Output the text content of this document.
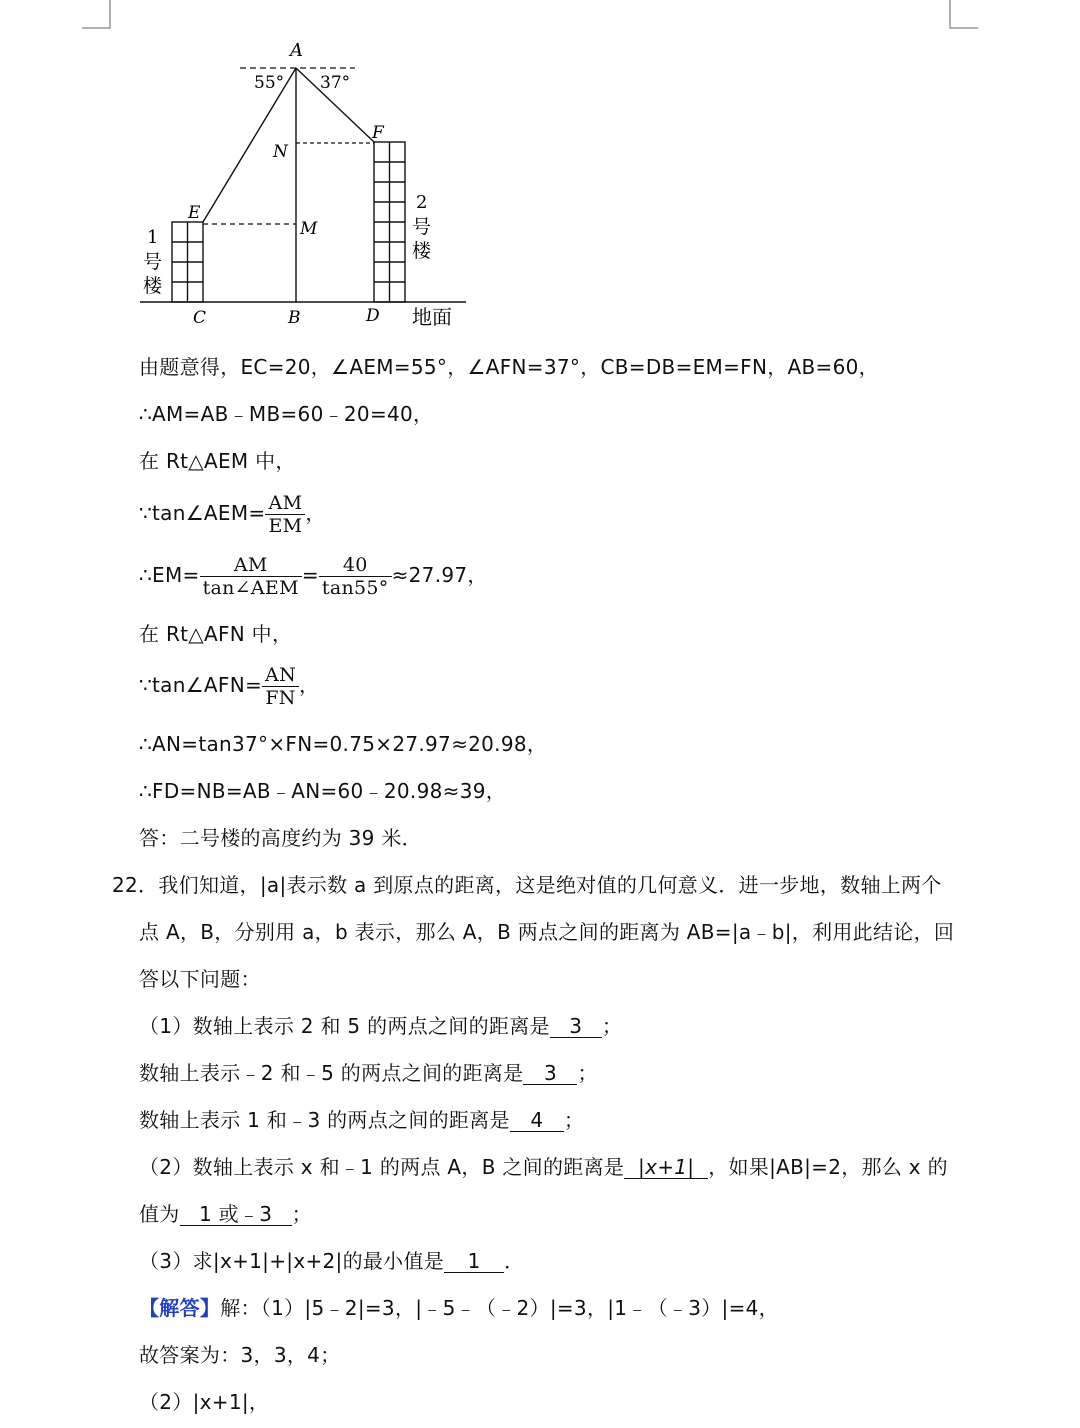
A
N
F
E
M
C	B	D
55° 37°
1
号
楼
2
号
楼
地面
由题意得，EC=20，∠AEM=55°，∠AFN=37°，CB=DB=EM=FN，AB=60，
∴AM=AB﹣MB=60﹣20=40，
在 Rt△AEM 中，
∵tan∠AEM= $\frac{AM}{EM}$ ，
∴EM= $\frac{AM}{\text{tan∠AEM}} = \frac{40}{\tan 55^\circ} \approx 27.97$，
在 Rt△AFN 中，
∵tan∠AFN= $\frac{AN}{FN}$ ，
∴AN=tan37°×FN=0.75×27.97≈20.98，
∴FD=NB=AB﹣AN=60﹣20.98≈39，
答：二号楼的高度约为 39 米．
22．我们知道，|a|表示数 a 到原点的距离，这是绝对值的几何意义．进一步地，数轴上两个
点 A，B，分别用 a，b 表示，那么 A，B 两点之间的距离为 AB=|a﹣b|，利用此结论，回
答以下问题：
（1）数轴上表示 2 和 5 的两点之间的距离是 3 ；
数轴上表示﹣2 和﹣5 的两点之间的距离是 3 ；
数轴上表示 1 和﹣3 的两点之间的距离是 4 ；
（2）数轴上表示 x 和﹣1 的两点 A，B 之间的距离是 |x+1| ，如果|AB|=2，那么 x 的
值为 1 或﹣3 ；
（3）求|x+1|+|x+2|的最小值是 1 ．
【解答】解：（1）|5﹣2|=3，|﹣5﹣（﹣2）|=3，|1﹣（﹣3）|=4，
故答案为：3，3，4；
（2）|x+1|，
